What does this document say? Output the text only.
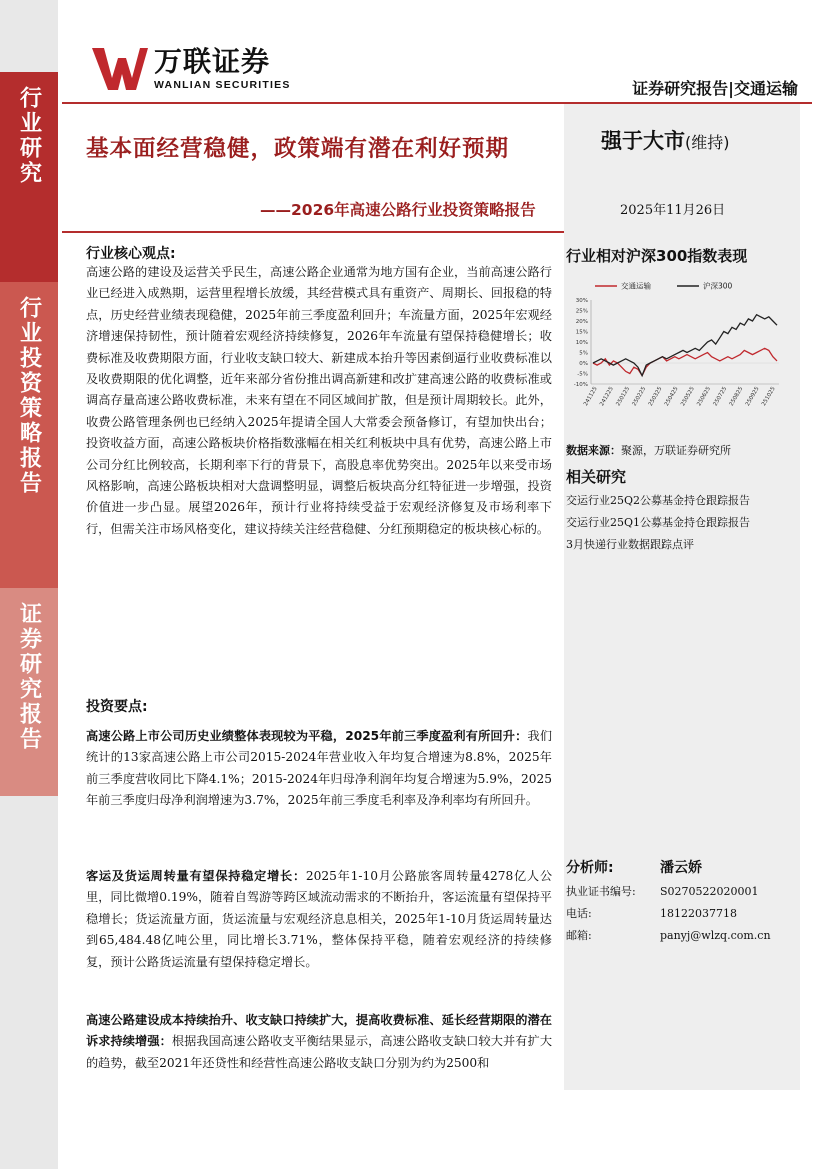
行业研究
行业投资策略报告
证券研究报告
万联证券
WANLIAN SECURITIES	证券研究报告|交通运输
基本面经营稳健，政策端有潜在利好预期
——2026年高速公路行业投资策略报告
强于大市(维持)
2025年11月26日
行业核心观点:
高速公路的建设及运营关乎民生，高速公路企业通常为地方国有企业，当前高速公路行业已经进入成熟期，运营里程增长放缓，其经营模式具有重资产、周期长、回报稳的特点，历史经营业绩表现稳健，2025年前三季度盈利回升；车流量方面，2025年宏观经济增速保持韧性，预计随着宏观经济持续修复，2026年车流量有望保持稳健增长；收费标准及收费期限方面，行业收支缺口较大、新建成本抬升等因素倒逼行业收费标准以及收费期限的优化调整，近年来部分省份推出调高新建和改扩建高速公路的收费标准或调高存量高速公路收费标准，未来有望在不同区域间扩散，但是预计周期较长。此外，收费公路管理条例也已经纳入2025年提请全国人大常委会预备修订，有望加快出台；投资收益方面，高速公路板块价格指数涨幅在相关红利板块中具有优势，高速公路上市公司分红比例较高，长期利率下行的背景下，高股息率优势突出。2025年以来受市场风格影响，高速公路板块相对大盘调整明显，调整后板块高分红特征进一步增强，投资价值进一步凸显。展望2026年，预计行业将持续受益于宏观经济修复及市场利率下行，但需关注市场风格变化，建议持续关注经营稳健、分红预期稳定的板块核心标的。
投资要点:
高速公路上市公司历史业绩整体表现较为平稳，2025年前三季度盈利有所回升：我们统计的13家高速公路上市公司2015-2024年营业收入年均复合增速为8.8%，2025年前三季度营收同比下降4.1%；2015-2024年归母净利润年均复合增速为5.9%，2025年前三季度归母净利润增速为3.7%，2025年前三季度毛利率及净利率均有所回升。
客运及货运周转量有望保持稳定增长：2025年1-10月公路旅客周转量4278亿人公里，同比微增0.19%，随着自驾游等跨区域流动需求的不断抬升，客运流量有望保持平稳增长；货运流量方面，货运流量与宏观经济息息相关，2025年1-10月货运周转量达到65,484.48亿吨公里，同比增长3.71%，整体保持平稳，随着宏观经济的持续修复，预计公路货运流量有望保持稳定增长。
高速公路建设成本持续抬升、收支缺口持续扩大，提高收费标准、延长经营期限的潜在诉求持续增强：根据我国高速公路收支平衡结果显示，高速公路收支缺口较大并有扩大的趋势，截至2021年还贷性和经营性高速公路收支缺口分别为约为2500和
行业相对沪深300指数表现
30%
25%
20%
15%
10%
5%
0%
-5%
-10%
241125 241225 250125 250225 250325 250425 250525 250625 250725 250825 250925 251025
交通运输	沪深300
数据来源：聚源，万联证券研究所
相关研究
交运行业25Q2公募基金持仓跟踪报告
交运行业25Q1公募基金持仓跟踪报告
3月快递行业数据跟踪点评
分析师:	潘云娇
执业证书编号:	S0270522020001
电话:	18122037718
邮箱:	panyj@wlzq.com.cn
